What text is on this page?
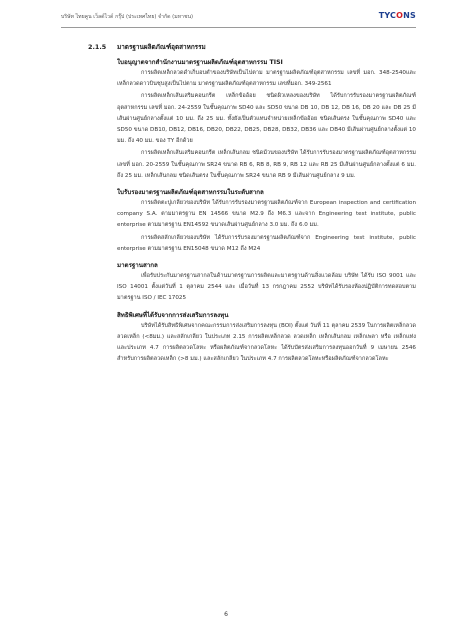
บริษัท ไทยคูน เว็ลด์ไวด์ กรุ๊ป (ประเทศไทย) จำกัด (มหาชน)	TYCONS
2.1.5 มาตรฐานผลิตภัณฑ์อุตสาหกรรม
ใบอนุญาตจากสำนักงานมาตรฐานผลิตภัณฑ์อุตสาหกรรม TISI

การผลิตเหล็กลวดดำเก็บอบตำของบริษัทเป็นไปตาม มาตรฐานผลิตภัณฑ์อุตสาหกรรม เลขที่ มอก. 348-2540และเหล็กลวดดาวบินชุบสูงเป็นไปตาม มาตรฐานผลิตภัณฑ์อุตสาหกรรม เลขที่มอก. 349-2561

การผลิตเหล็กเส้นเสริมคอนกรีต เหล็กข้ออ้อย ชนิดผิวเหลงของบริษัท ได้รับการรับรองมาตรฐานผลิตภัณฑ์อุตสาหกรรม เลขที่ มอก. 24-2559 ในชั้นคุณภาพ SD40 และ SD50 ขนาด DB 10, DB 12, DB 16, DB 20 และ DB 25 มีเส้นผ่านศูนย์กลางตั้งแต่ 10 มม. ถึง 25 มม. ทั้งยังเป็นตัวแทนจำหน่ายเหล็กข้ออ้อย ชนิดเส้นตรง ในชั้นคุณภาพ SD40 และ SD50 ขนาด DB10, DB12, DB16, DB20, DB22, DB25, DB28, DB32, DB36 และ DB40 มีเส้นผ่านศูนย์กลางตั้งแต่ 10 มม. ถึง 40 มม. ของ TY อีกด้วย

การผลิตเหล็กเส้นเสริมคอนกรีต เหล็กเส้นกลม ชนิดม้วนของบริษัท ได้รับการรับรองมาตรฐานผลิตภัณฑ์อุตสาหกรรม เลขที่ มอก. 20-2559 ในชั้นคุณภาพ SR24 ขนาด RB 6, RB 8, RB 9, RB 12 และ RB 25 มีเส้นผ่านศูนย์กลางตั้งแต่ 6 มม. ถึง 25 มม. เหล็กเส้นกลม ชนิดเส้นตรง ในชั้นคุณภาพ SR24 ขนาด RB 9 มีเส้นผ่านศูนย์กลาง 9 มม.

ใบรับรองมาตรฐานผลิตภัณฑ์อุตสาหกรรมในระดับสากล

การผลิตตะปูเกลียวของบริษัท ได้รับการรับรองมาตรฐานผลิตภัณฑ์จาก European inspection and certification company S.A. ตามมาตรฐาน EN 14566 ขนาด M2.9 ถึง M6.3 และจาก Engineering test institute, public enterprise ตามมาตรฐาน EN14592 ขนาดเส้นผ่านศูนย์กลาง 3.0 มม. ถึง 6.0 มม.

การผลิตสลักเกลียวของบริษัท ได้รับการรับรองมาตรฐานผลิตภัณฑ์จาก Engineering test institute, public enterprise ตามมาตรฐาน EN15048 ขนาด M12 ถึง M24

มาตรฐานสากล

เพื่อรับประกันมาตรฐานสากลในด้านมาตรฐานการผลิตและมาตรฐานด้านสิ่งแวดล้อม บริษัท ได้รับ ISO 9001 และ ISO 14001 ตั้งแต่วันที่ 1 ตุลาคม 2544 และ เมื่อวันที่ 13 กรกฎาคม 2552 บริษัทได้รับรองห้องปฏิบัติการทดสอบตามมาตรฐาน ISO / IEC 17025

สิทธิพิเศษที่ได้รับจากการส่งเสริมการลงทุน

บริษัทได้รับสิทธิพิเศษจากคณะกรรมการส่งเสริมการลงทุน (BOI) ตั้งแต่ วันที่ 11 ตุลาคม 2539 ในการผลิตเหล็กลวด ลวดเหล็ก (<8มม.) และสลักเกลียว ในประเภท 2.15 การผลิตเหล็กลวด ลวดเหล็ก เหล็กเส้นกลม เหล็กเพลา หรือ เหล็กแท่ง และประเภท 4.7 การผลิตลวดโลหะ หรือผลิตภัณฑ์จากลวดโลหะ ได้รับบัตรส่งเสริมการลงทุนออกวันที่ 9 เมษายน 2546 สำหรับการผลิตลวดเหล็ก (>8 มม.) และสลักเกลียว ในประเภท 4.7 การผลิตลวดโลหะหรือผลิตภัณฑ์จากลวดโลหะ

6
